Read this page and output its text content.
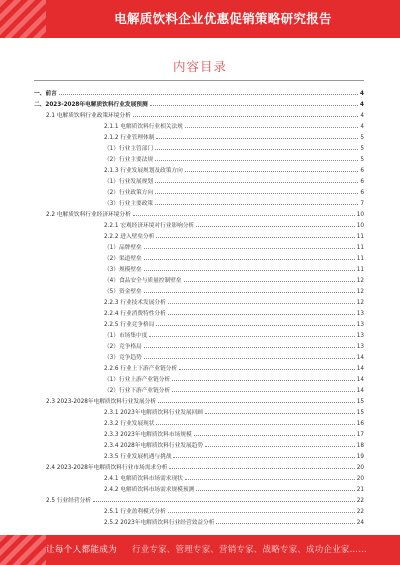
电解质饮料企业优惠促销策略研究报告
内容目录
一、前言	4
二、2023-2028年电解质饮料行业发展预测	4
2.1 电解质饮料行业政策环境分析	4
2.1.1 电解质饮料行业相关法规	4
2.1.2 行业管理体制	5
（1）行业主管部门	5
（2）行业主要法规	5
2.1.3 行业发展规划及政策方向	6
（1）行业发展规划	6
（2）行业政策方向	6
（3）行业主要政策	7
2.2 电解质饮料行业经济环境分析	10
2.2.1 宏观经济环境对行业影响分析	10
2.2.2 进入壁垒分析	11
（1）品牌壁垒	11
（2）渠道壁垒	11
（3）规模壁垒	11
（4）食品安全与质量控制壁垒	12
（5）资金壁垒	12
2.2.3 行业技术发展分析	12
2.2.4 行业消费特性分析	13
2.2.5 行业竞争格局	13
（1）市场集中度	13
（2）竞争格局	13
（3）竞争趋势	14
2.2.6 行业上下游产业链分析	14
（1）行业上游产业链分析	14
（2）行业下游产业链分析	14
2.3 2023-2028年电解质饮料行业发展分析	15
2.3.1 2023年电解质饮料行业发展回顾	15
2.3.2 行业发展现状	16
2.3.3 2023年电解质饮料市场规模	17
2.3.4 2028年电解质饮料行业发展趋势	18
2.3.5 行业发展机遇与挑战	19
2.4 2023-2028年电解质饮料行业市场需求分析	20
2.4.1 电解质饮料市场需求现状	20
2.4.2 电解质饮料市场需求规模预测	21
2.5 行业经营分析	22
2.5.1 行业盈利模式分析	22
2.5.2 2023年电解质饮料行业经营效益分析	24
让每个人都能成为 行业专家、管理专家、营销专家、战略专家、成功企业家……
